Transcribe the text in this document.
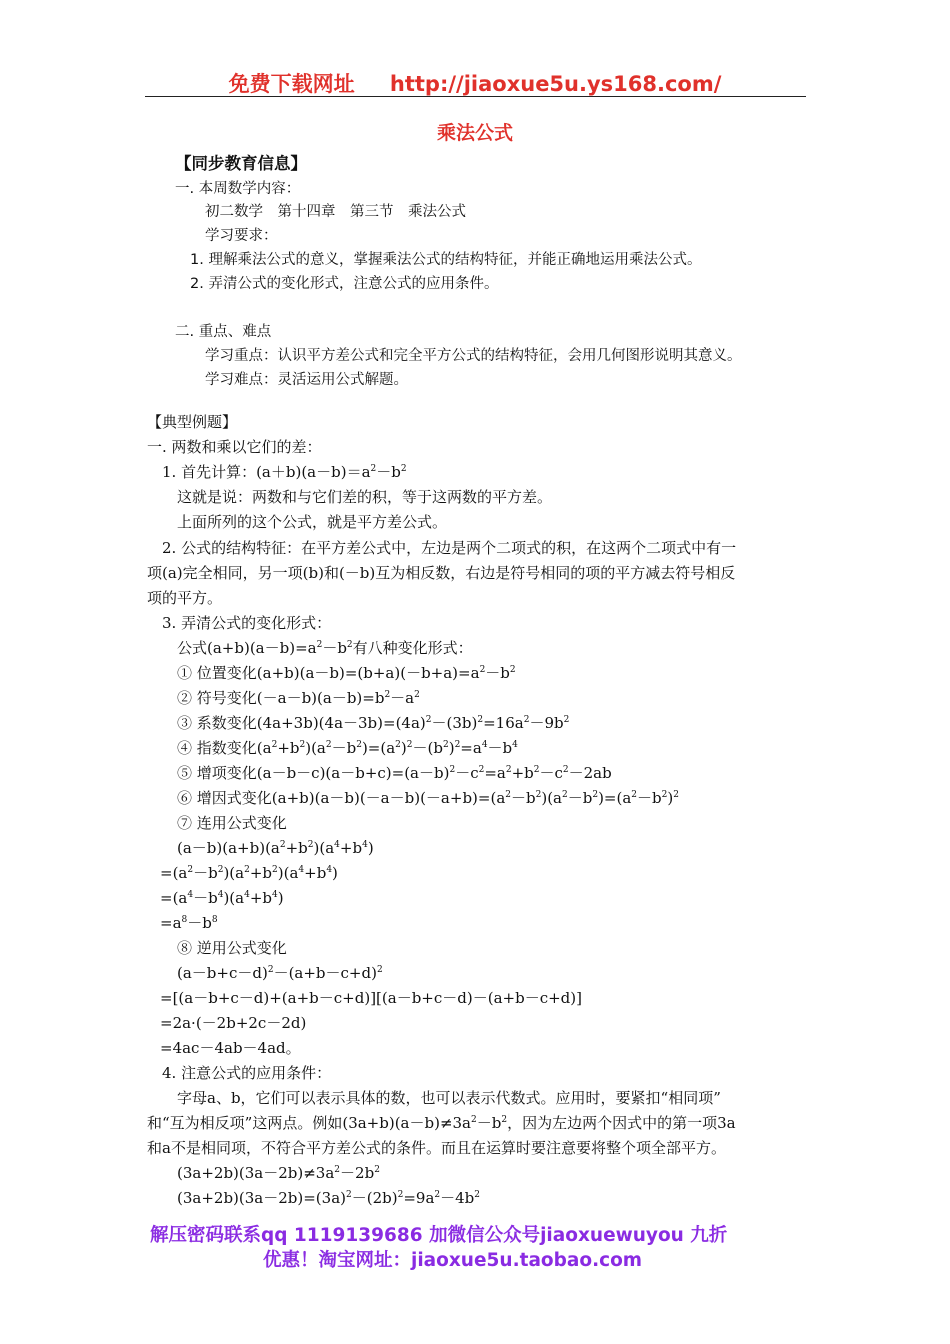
免费下载网址 http://jiaoxue5u.ys168.com/
乘法公式
【同步教育信息】
一. 本周数学内容：
初二数学　第十四章　第三节　乘法公式
学习要求：
1. 理解乘法公式的意义，掌握乘法公式的结构特征，并能正确地运用乘法公式。
2. 弄清公式的变化形式，注意公式的应用条件。
二. 重点、难点
学习重点：认识平方差公式和完全平方公式的结构特征，会用几何图形说明其意义。
学习难点：灵活运用公式解题。
【典型例题】
一. 两数和乘以它们的差：
1. 首先计算：$(a+b)(a-b)=a^2-b^2$
这就是说：两数和与它们差的积，等于这两数的平方差。
上面所列的这个公式，就是平方差公式。
2. 公式的结构特征：在平方差公式中，左边是两个二项式的积，在这两个二项式中有一
项(a)完全相同，另一项(b)和(－b)互为相反数，右边是符号相同的项的平方减去符号相反
项的平方。
3. 弄清公式的变化形式：
公式$(a+b)(a-b)=a^2-b^2$有八种变化形式：
① 位置变化$(a+b)(a-b)=(b+a)(-b+a)=a^2-b^2$
② 符号变化$(-a-b)(a-b)=b^2-a^2$
③ 系数变化$(4a+3b)(4a-3b)=(4a)^2-(3b)^2=16a^2-9b^2$
④ 指数变化$(a^2+b^2)(a^2-b^2)=(a^2)^2-(b^2)^2=a^4-b^4$
⑤ 增项变化$(a-b-c)(a-b+c)=(a-b)^2-c^2=a^2+b^2-c^2-2ab$
⑥ 增因式变化$(a+b)(a-b)(-a-b)(-a+b)=(a^2-b^2)(a^2-b^2)=(a^2-b^2)^2$
⑦ 连用公式变化
$(a-b)(a+b)(a^2+b^2)(a^4+b^4)$
$=(a^2-b^2)(a^2+b^2)(a^4+b^4)$
$=(a^4-b^4)(a^4+b^4)$
$=a^8-b^8$
⑧ 逆用公式变化
$(a-b+c-d)^2-(a+b-c+d)^2$
=[(a－b+c－d)+(a+b－c+d)][(a－b+c－d)－(a+b－c+d)]
=2a·(－2b+2c－2d)
=4ac－4ab－4ad。
4. 注意公式的应用条件：
字母a、b，它们可以表示具体的数，也可以表示代数式。应用时，要紧扣“相同项”
和“互为相反项”这两点。例如$(3a+b)(a-b)\ne 3a^2-b^2$，因为左边两个因式中的第一项3a
和a不是相同项，不符合平方差公式的条件。而且在运算时要注意要将整个项全部平方。
$(3a+2b)(3a-2b)\ne 3a^2-2b^2$
$(3a+2b)(3a-2b)=(3a)^2-(2b)^2=9a^2-4b^2$
解压密码联系qq 1119139686 加微信公众号jiaoxuewuyou 九折
优惠！淘宝网址：jiaoxue5u.taobao.com
